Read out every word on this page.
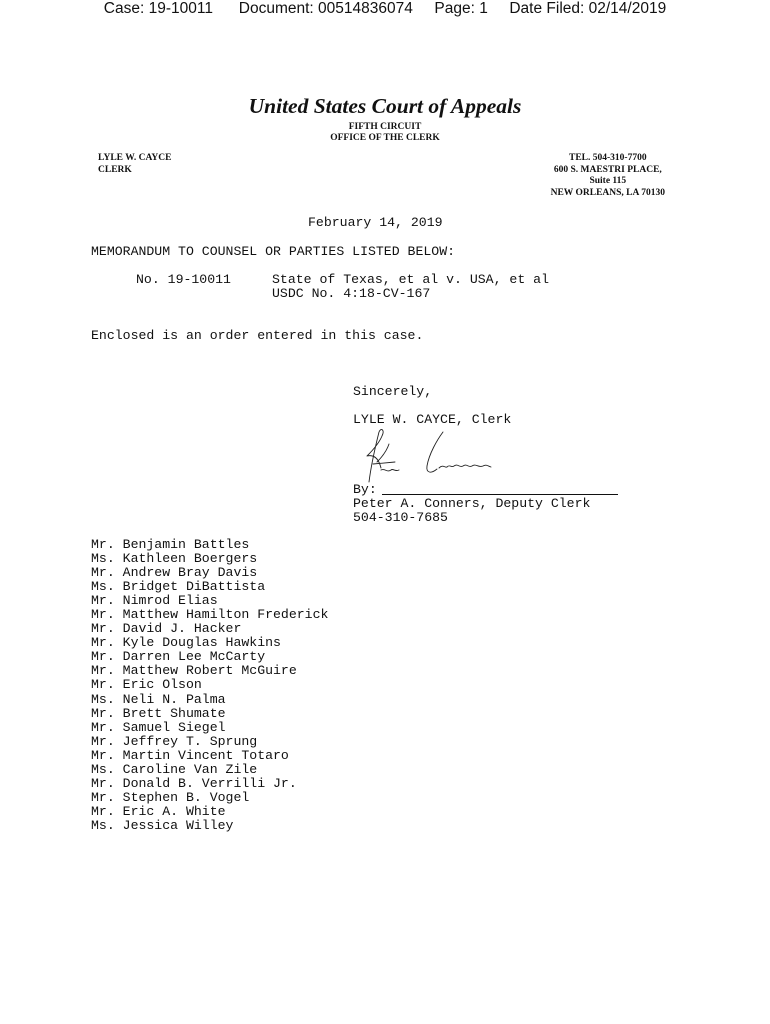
Case: 19-10011      Document: 00514836074     Page: 1     Date Filed: 02/14/2019
United States Court of Appeals
FIFTH CIRCUIT
OFFICE OF THE CLERK
LYLE W. CAYCE
CLERK
TEL. 504-310-7700
600 S. MAESTRI PLACE,
Suite 115
NEW ORLEANS, LA 70130
February 14, 2019
MEMORANDUM TO COUNSEL OR PARTIES LISTED BELOW:
No. 19-10011	State of Texas, et al v. USA, et al
USDC No. 4:18-CV-167
Enclosed is an order entered in this case.
Sincerely,
LYLE W. CAYCE, Clerk
By:
Peter A. Conners, Deputy Clerk
504-310-7685
Mr. Benjamin Battles
Ms. Kathleen Boergers
Mr. Andrew Bray Davis
Ms. Bridget DiBattista
Mr. Nimrod Elias
Mr. Matthew Hamilton Frederick
Mr. David J. Hacker
Mr. Kyle Douglas Hawkins
Mr. Darren Lee McCarty
Mr. Matthew Robert McGuire
Mr. Eric Olson
Ms. Neli N. Palma
Mr. Brett Shumate
Mr. Samuel Siegel
Mr. Jeffrey T. Sprung
Mr. Martin Vincent Totaro
Ms. Caroline Van Zile
Mr. Donald B. Verrilli Jr.
Mr. Stephen B. Vogel
Mr. Eric A. White
Ms. Jessica Willey
